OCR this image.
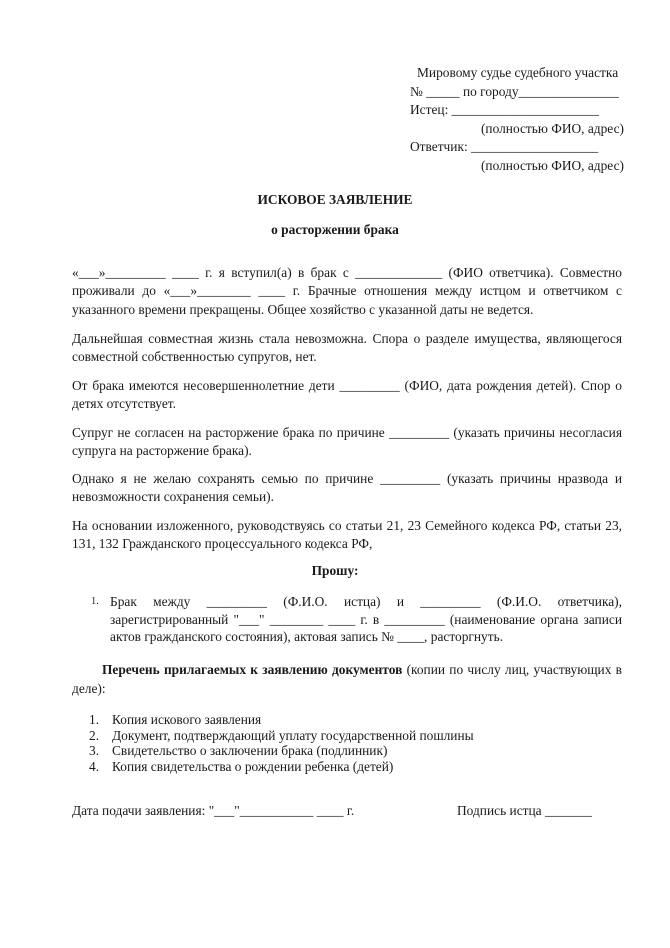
Мировому судье судебного участка
№ _____ по городу_______________
Истец: ______________________
(полностью ФИО, адрес)
Ответчик: ___________________
(полностью ФИО, адрес)
ИСКОВОЕ ЗАЯВЛЕНИЕ
о расторжении брака
«___»_________ ____ г. я вступил(а) в брак с _____________ (ФИО ответчика). Совместно
проживали до «___»________ ____ г. Брачные отношения между истцом и ответчиком с
указанного времени прекращены. Общее хозяйство с указанной даты не ведется.
Дальнейшая совместная жизнь стала невозможна. Спора о разделе имущества, являющегося
совместной собственностью супругов, нет.
От брака имеются несовершеннолетние дети _________ (ФИО, дата рождения детей). Спор о
детях отсутствует.
Супруг не согласен на расторжение брака по причине _________ (указать причины несогласия
супруга на расторжение брака).
Однако я не желаю сохранять семью по причине _________ (указать причины нразвода и
невозможности сохранения семьи).
На основании изложенного, руководствуясь со статьи 21, 23 Семейного кодекса РФ, статьи 23,
131, 132 Гражданского процессуального кодекса РФ,
Прошу:
1. Брак между _________ (Ф.И.О. истца) и _________ (Ф.И.О. ответчика),
зарегистрированный "___" ________ ____ г. в _________ (наименование органа записи
актов гражданского состояния), актовая запись № ____, расторгнуть.
Перечень прилагаемых к заявлению документов (копии по числу лиц, участвующих в
деле):
1. Копия искового заявления
2. Документ, подтверждающий уплату государственной пошлины
3. Свидетельство о заключении брака (подлинник)
4. Копия свидетельства о рождении ребенка (детей)
Дата подачи заявления: "___"___________ ____ г.	Подпись истца _______
